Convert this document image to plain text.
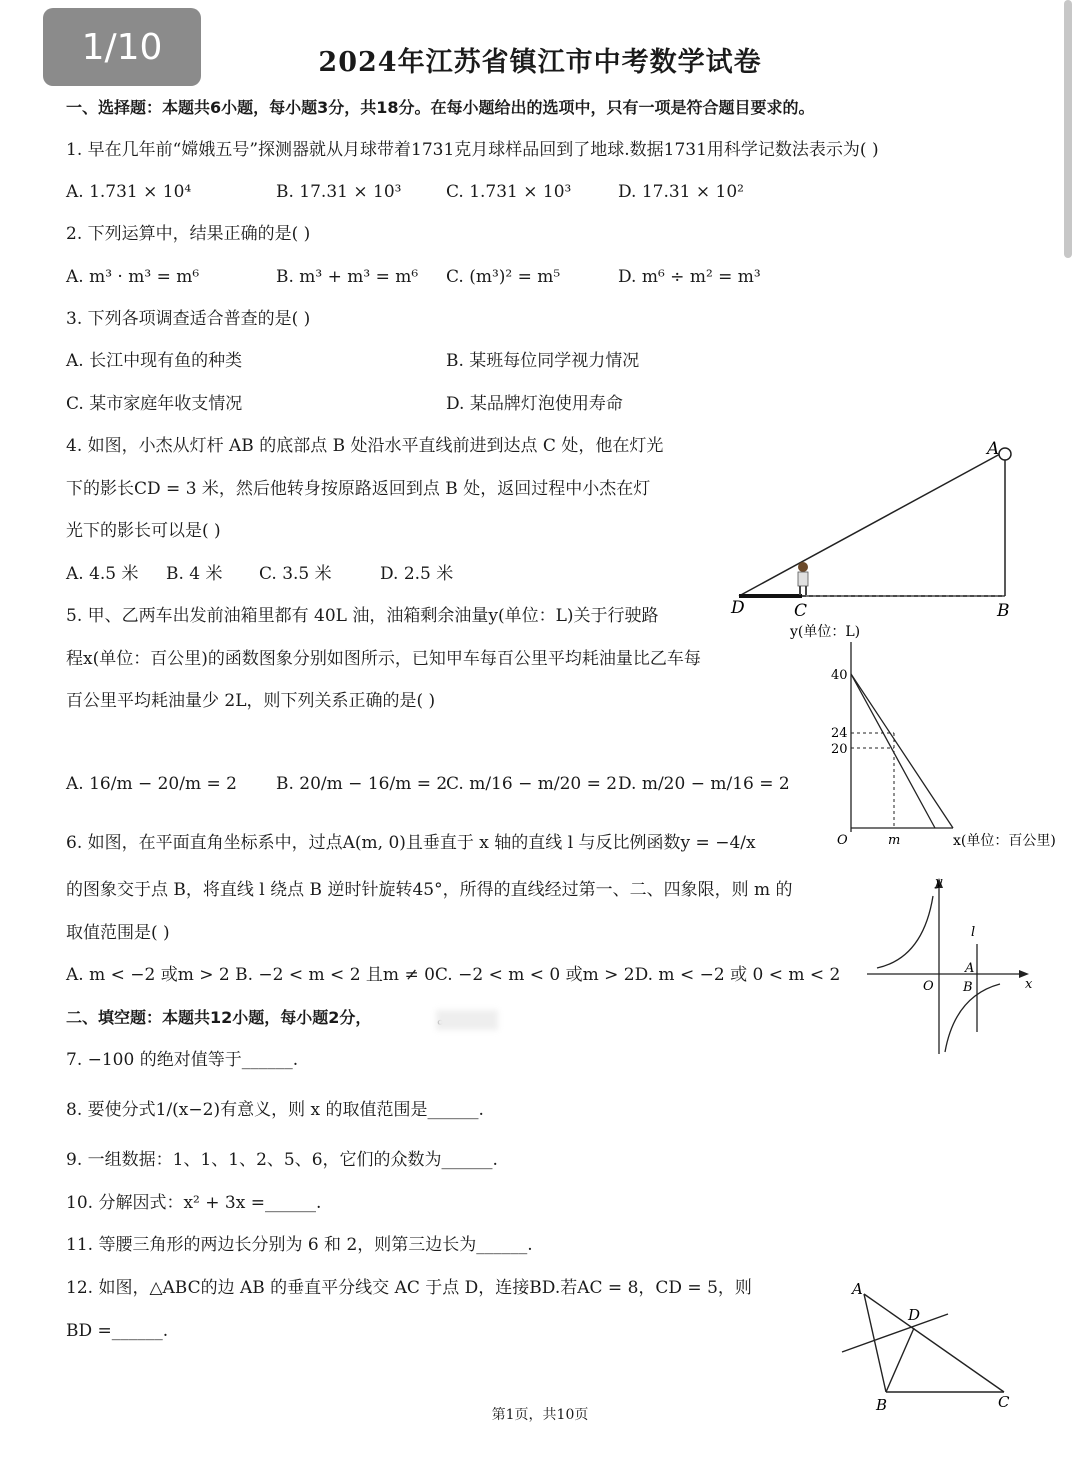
1/10	2024年江苏省镇江市中考数学试卷
一、选择题：本题共6小题，每小题3分，共18分。在每小题给出的选项中，只有一项是符合题目要求的。
1. 早在几年前“嫦娥五号”探测器就从月球带着1731克月球样品回到了地球.数据1731用科学记数法表示为( )
A. 1.731 × 10⁴	B. 17.31 × 10³	C. 1.731 × 10³	D. 17.31 × 10²
2. 下列运算中，结果正确的是( )
A. m³ · m³ = m⁶	B. m³ + m³ = m⁶ C. (m³)² = m⁵	D. m⁶ ÷ m² = m³
3. 下列各项调查适合普查的是( )
A. 长江中现有鱼的种类	B. 某班每位同学视力情况
C. 某市家庭年收支情况	D. 某品牌灯泡使用寿命
4. 如图，小杰从灯杆 AB 的底部点 B 处沿水平直线前进到达点 C 处，他在灯光
下的影长CD = 3 米，然后他转身按原路返回到点 B 处，返回过程中小杰在灯
光下的影长可以是( )
A. 4.5 米 B. 4 米 C. 3.5 米	D. 2.5 米
A
B
C
D
5. 甲、乙两车出发前油箱里都有 40L 油，油箱剩余油量y(单位：L)关于行驶路
程x(单位：百公里)的函数图象分别如图所示，已知甲车每百公里平均耗油量比乙车每
百公里平均耗油量少 2L，则下列关系正确的是( )
A. 16/m − 20/m = 2 B. 20/m − 16/m = 2
C. m/16 − m/20 = 2 D. m/20 − m/16 = 2
y(单位：L)
x(单位：百公里)
O	m
40
24
20
6. 如图，在平面直角坐标系中，过点A(m, 0)且垂直于 x 轴的直线 l 与反比例函数y = −4/x
的图象交于点 B，将直线 l 绕点 B 逆时针旋转45°，所得的直线经过第一、二、四象限，则 m 的
取值范围是( )
A. m < −2 或m > 2 B. −2 < m < 2 且m ≠ 0C. −2 < m < 0 或m > 2D. m < −2 或 0 < m < 2
y
x
O
l
A
B
二、填空题：本题共12小题，每小题2分，
7. −100 的绝对值等于______.
8. 要使分式1/(x−2)有意义，则 x 的取值范围是______.
9. 一组数据：1、1、1、2、5、6，它们的众数为______.
10. 分解因式：x² + 3x =______.
11. 等腰三角形的两边长分别为 6 和 2，则第三边长为______.
12. 如图，△ABC的边 AB 的垂直平分线交 AC 于点 D，连接BD.若AC = 8，CD = 5，则
BD =______.
A
B	C
D
第1页，共10页
